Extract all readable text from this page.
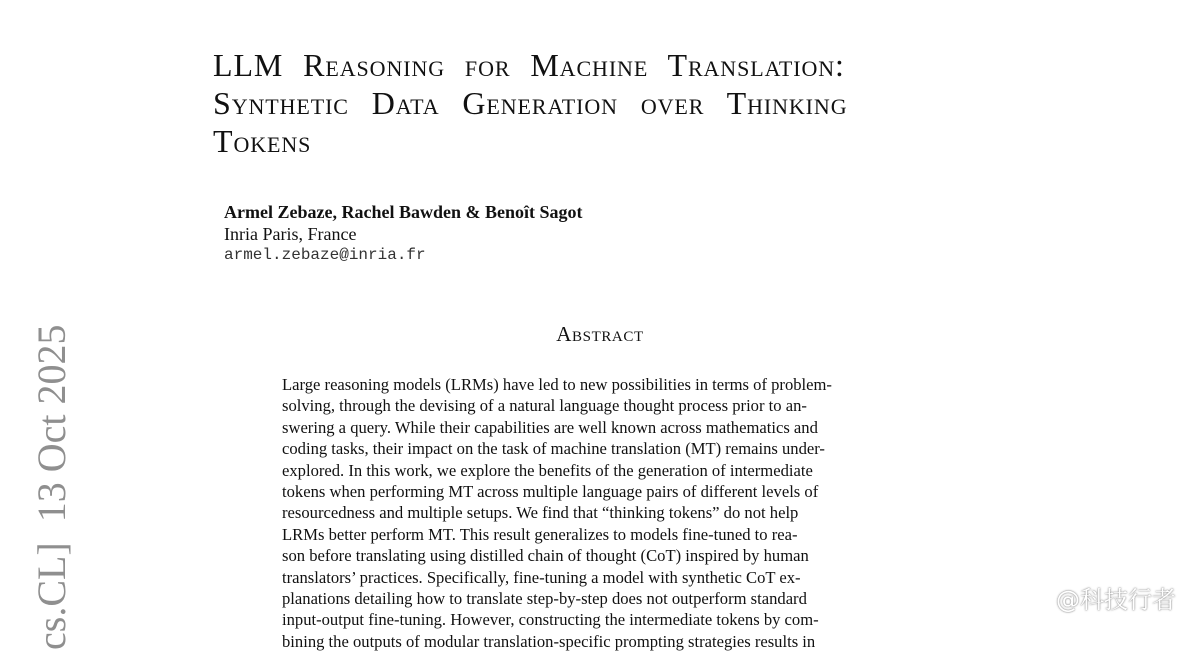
LLM Reasoning for Machine Translation:
Synthetic Data Generation over Thinking
Tokens
Armel Zebaze, Rachel Bawden & Benoît Sagot
Inria Paris, France
armel.zebaze@inria.fr
Abstract
Large reasoning models (LRMs) have led to new possibilities in terms of problem-
solving, through the devising of a natural language thought process prior to an-
swering a query. While their capabilities are well known across mathematics and
coding tasks, their impact on the task of machine translation (MT) remains under-
explored. In this work, we explore the benefits of the generation of intermediate
tokens when performing MT across multiple language pairs of different levels of
resourcedness and multiple setups. We find that “thinking tokens” do not help
LRMs better perform MT. This result generalizes to models fine-tuned to rea-
son before translating using distilled chain of thought (CoT) inspired by human
translators’ practices. Specifically, fine-tuning a model with synthetic CoT ex-
planations detailing how to translate step-by-step does not outperform standard
input-output fine-tuning. However, constructing the intermediate tokens by com-
bining the outputs of modular translation-specific prompting strategies results in
cs.CL]  13 Oct 2025	@科技行者
